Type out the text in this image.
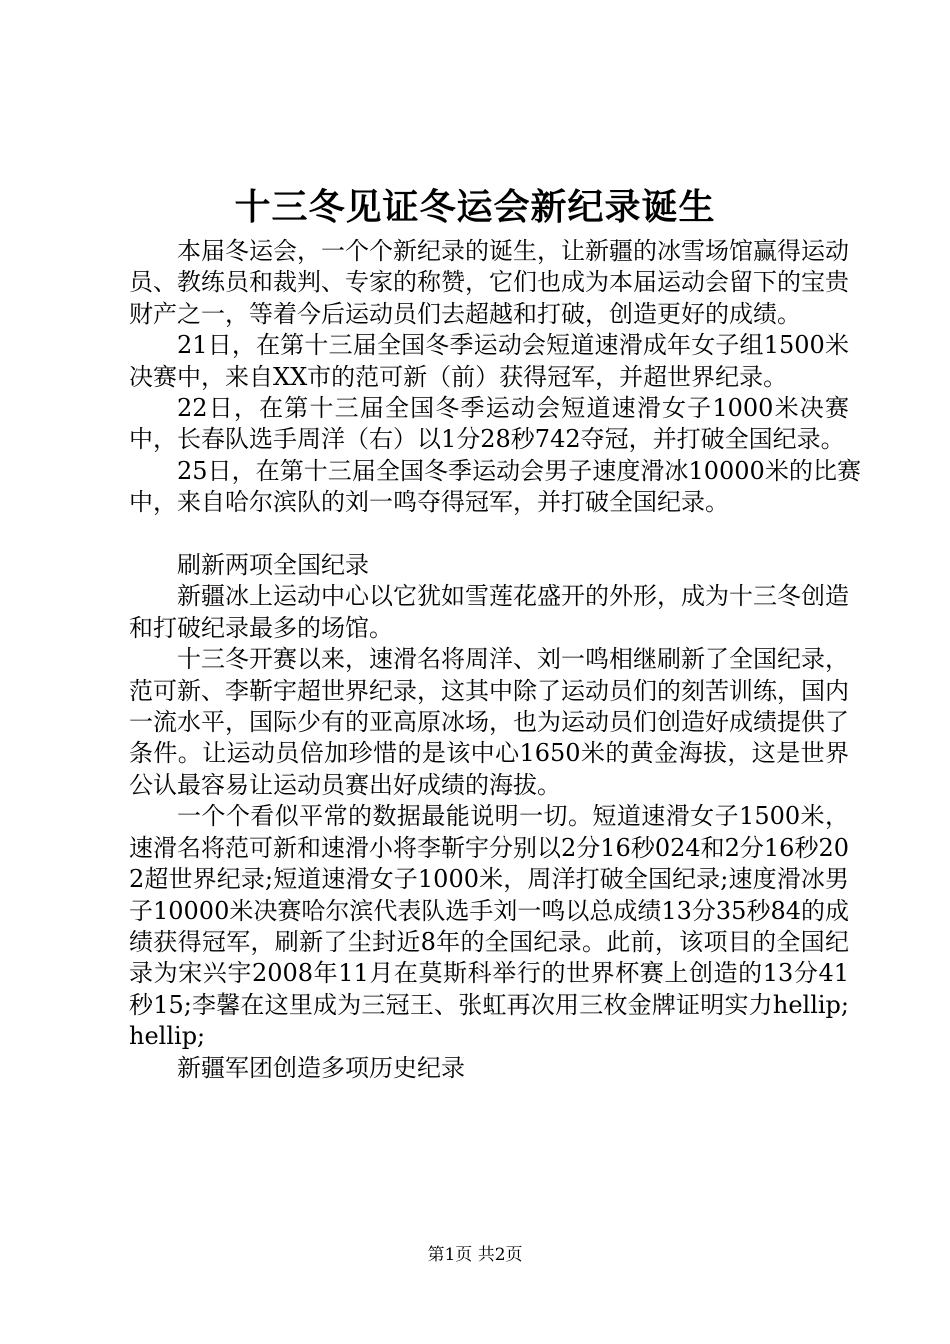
十三冬见证冬运会新纪录诞生

本届冬运会，一个个新纪录的诞生，让新疆的冰雪场馆赢得运动员、教练员和裁判、专家的称赞，它们也成为本届运动会留下的宝贵财产之一，等着今后运动员们去超越和打破，创造更好的成绩。

21日，在第十三届全国冬季运动会短道速滑成年女子组1500米决赛中，来自XX市的范可新（前）获得冠军，并超世界纪录。

22日，在第十三届全国冬季运动会短道速滑女子1000米决赛中，长春队选手周洋（右）以1分28秒742夺冠，并打破全国纪录。

25日，在第十三届全国冬季运动会男子速度滑冰10000米的比赛中，来自哈尔滨队的刘一鸣夺得冠军，并打破全国纪录。

刷新两项全国纪录

新疆冰上运动中心以它犹如雪莲花盛开的外形，成为十三冬创造和打破纪录最多的场馆。

十三冬开赛以来，速滑名将周洋、刘一鸣相继刷新了全国纪录，范可新、李靳宇超世界纪录，这其中除了运动员们的刻苦训练，国内一流水平，国际少有的亚高原冰场，也为运动员们创造好成绩提供了条件。让运动员倍加珍惜的是该中心1650米的黄金海拔，这是世界公认最容易让运动员赛出好成绩的海拔。

一个个看似平常的数据最能说明一切。短道速滑女子1500米，速滑名将范可新和速滑小将李靳宇分别以2分16秒024和2分16秒202超世界纪录;短道速滑女子1000米，周洋打破全国纪录;速度滑冰男子10000米决赛哈尔滨代表队选手刘一鸣以总成绩13分35秒84的成绩获得冠军，刷新了尘封近8年的全国纪录。此前，该项目的全国纪录为宋兴宇2008年11月在莫斯科举行的世界杯赛上创造的13分41秒15;李馨在这里成为三冠王、张虹再次用三枚金牌证明实力hellip;hellip;

新疆军团创造多项历史纪录

第1页 共2页
